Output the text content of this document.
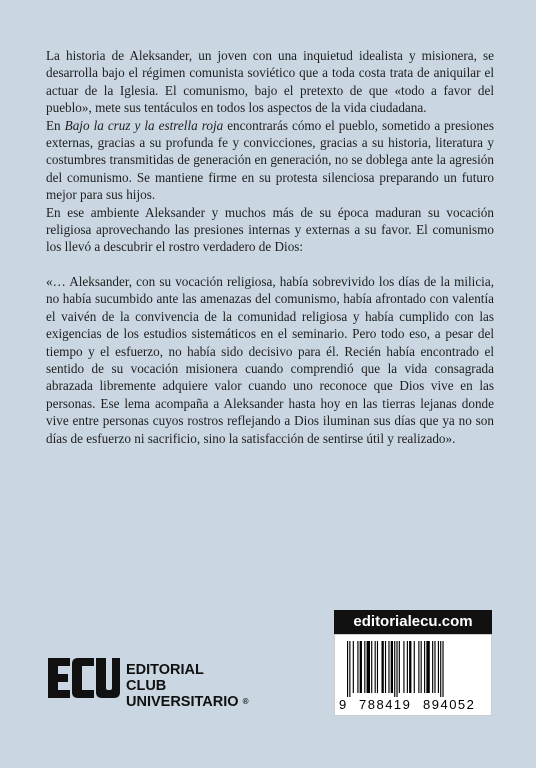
La historia de Aleksander, un joven con una inquietud idealista y misionera, se desarrolla bajo el régimen comunista soviético que a toda costa trata de aniquilar el actuar de la Iglesia. El comunismo, bajo el pretexto de que «todo a favor del pueblo», mete sus tentáculos en todos los aspectos de la vida ciudadana.

En Bajo la cruz y la estrella roja encontrarás cómo el pueblo, sometido a presiones externas, gracias a su profunda fe y convicciones, gracias a su historia, literatura y costumbres transmitidas de generación en generación, no se doblega ante la agresión del comunismo. Se mantiene firme en su protesta silenciosa preparando un futuro mejor para sus hijos.

En ese ambiente Aleksander y muchos más de su época maduran su vocación religiosa aprovechando las presiones internas y externas a su favor. El comunismo los llevó a descubrir el rostro verdadero de Dios:

«… Aleksander, con su vocación religiosa, había sobrevivido los días de la milicia, no había sucumbido ante las amenazas del comunismo, había afrontado con valentía el vaivén de la convivencia de la comunidad religiosa y había cumplido con las exigencias de los estudios sistemáticos en el seminario. Pero todo eso, a pesar del tiempo y el esfuerzo, no había sido decisivo para él. Recién había encontrado el sentido de su vocación misionera cuando comprendió que la vida consagrada abrazada libremente adquiere valor cuando uno reconoce que Dios vive en las personas. Ese lema acompaña a Aleksander hasta hoy en las tierras lejanas donde vive entre personas cuyos rostros reflejando a Dios iluminan sus días que ya no son días de esfuerzo ni sacrificio, sino la satisfacción de sentirse útil y realizado».

editorialecu.com
9 788419 894052
ECU
EDITORIAL
CLUB
UNIVERSITARIO ®
